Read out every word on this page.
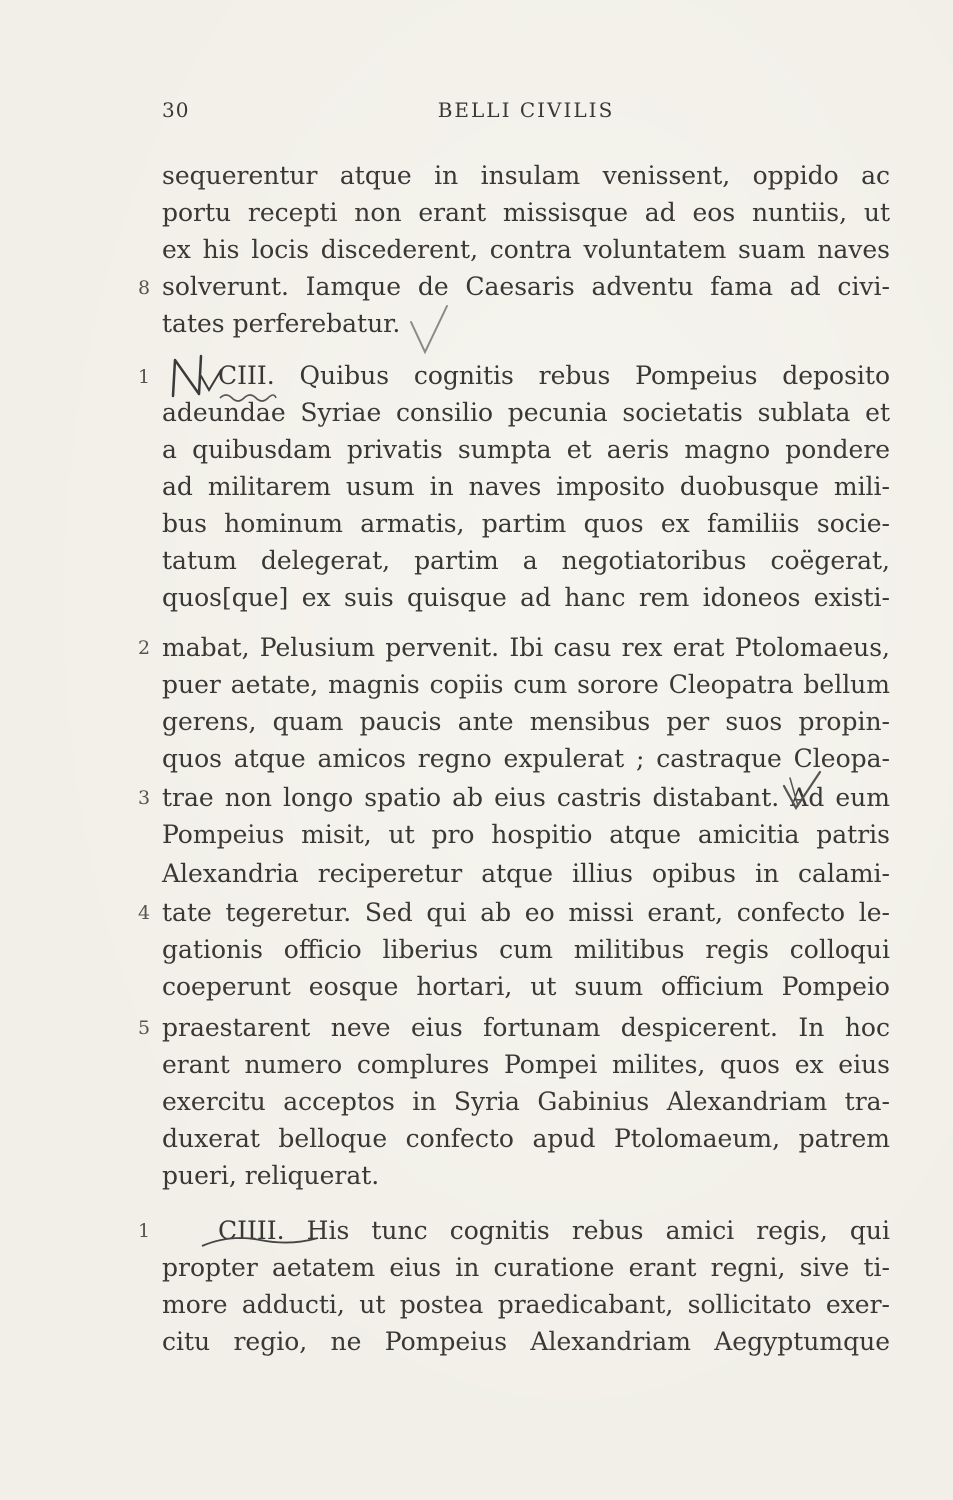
30	BELLI CIVILIS
8
1
2
3
4
5
1
sequerentur atque in insulam venissent, oppido ac
portu recepti non erant missisque ad eos nuntiis, ut
ex his locis discederent, contra voluntatem suam naves
solverunt. Iamque de Caesaris adventu fama ad civi-
tates perferebatur.
CIII. Quibus cognitis rebus Pompeius deposito
adeundae Syriae consilio pecunia societatis sublata et
a quibusdam privatis sumpta et aeris magno pondere
ad militarem usum in naves imposito duobusque mili-
bus hominum armatis, partim quos ex familiis socie-
tatum delegerat, partim a negotiatoribus coëgerat,
quos[que] ex suis quisque ad hanc rem idoneos existi-
mabat, Pelusium pervenit. Ibi casu rex erat Ptolomaeus,
puer aetate, magnis copiis cum sorore Cleopatra bellum
gerens, quam paucis ante mensibus per suos propin-
quos atque amicos regno expulerat ; castraque Cleopa-
trae non longo spatio ab eius castris distabant. Ad eum
Pompeius misit, ut pro hospitio atque amicitia patris
Alexandria reciperetur atque illius opibus in calami-
tate tegeretur. Sed qui ab eo missi erant, confecto le-
gationis officio liberius cum militibus regis colloqui
coeperunt eosque hortari, ut suum officium Pompeio
praestarent neve eius fortunam despicerent. In hoc
erant numero complures Pompei milites, quos ex eius
exercitu acceptos in Syria Gabinius Alexandriam tra-
duxerat belloque confecto apud Ptolomaeum, patrem
pueri, reliquerat.
CIIII. His tunc cognitis rebus amici regis, qui
propter aetatem eius in curatione erant regni, sive ti-
more adducti, ut postea praedicabant, sollicitato exer-
citu regio, ne Pompeius Alexandriam Aegyptumque
